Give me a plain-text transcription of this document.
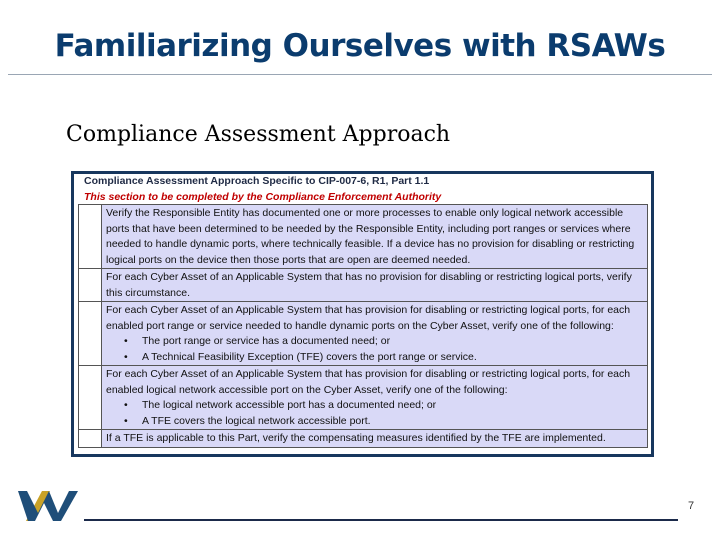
Familiarizing Ourselves with RSAWs
Compliance Assessment Approach
Compliance Assessment Approach Specific to CIP-007-6, R1, Part 1.1
This section to be completed by the Compliance Enforcement Authority

Verify the Responsible Entity has documented one or more processes to enable only logical network accessible ports that have been determined to be needed by the Responsible Entity, including port ranges or services where needed to handle dynamic ports, where technically feasible. If a device has no provision for disabling or restricting logical ports on the device then those ports that are open are deemed needed.

For each Cyber Asset of an Applicable System that has no provision for disabling or restricting logical ports, verify this circumstance.

For each Cyber Asset of an Applicable System that has provision for disabling or restricting logical ports, for each enabled port range or service needed to handle dynamic ports on the Cyber Asset, verify one of the following:

• The port range or service has a documented need; or
• A Technical Feasibility Exception (TFE) covers the port range or service.

For each Cyber Asset of an Applicable System that has provision for disabling or restricting logical ports, for each enabled logical network accessible port on the Cyber Asset, verify one of the following:

• The logical network accessible port has a documented need; or
• A TFE covers the logical network accessible port.

If a TFE is applicable to this Part, verify the compensating measures identified by the TFE are implemented.

7
